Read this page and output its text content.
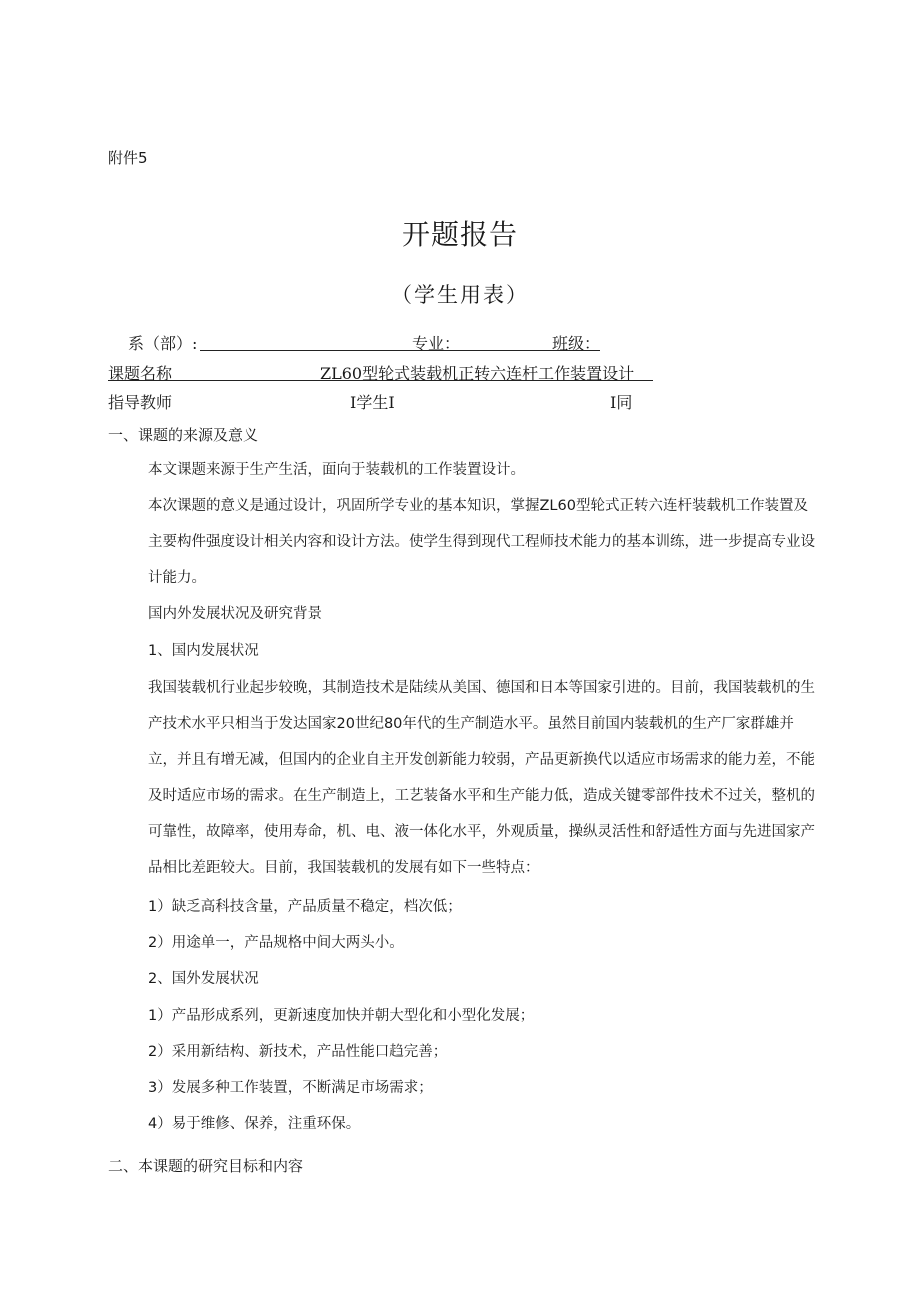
附件5
开题报告
（学生用表）
系（部）:	专业：	班级：
课题名称	ZL60型轮式装载机正转六连杆工作装置设计
指导教师	I学生I	I同
一、课题的来源及意义
本文课题来源于生产生活，面向于装载机的工作装置设计。
本次课题的意义是通过设计，巩固所学专业的基本知识，掌握ZL60型轮式正转六连杆装载机工作装置及主要构件强度设计相关内容和设计方法。使学生得到现代工程师技术能力的基本训练，进一步提高专业设计能力。
国内外发展状况及研究背景
1、国内发展状况
我国装载机行业起步较晚，其制造技术是陆续从美国、德国和日本等国家引进的。目前，我国装载机的生产技术水平只相当于发达国家20世纪80年代的生产制造水平。虽然目前国内装载机的生产厂家群雄并立，并且有增无减，但国内的企业自主开发创新能力较弱，产品更新换代以适应市场需求的能力差，不能及时适应市场的需求。在生产制造上，工艺装备水平和生产能力低，造成关键零部件技术不过关，整机的可靠性，故障率，使用寿命，机、电、液一体化水平，外观质量，操纵灵活性和舒适性方面与先进国家产品相比差距较大。目前，我国装载机的发展有如下一些特点：
1）缺乏高科技含量，产品质量不稳定，档次低；
2）用途单一，产品规格中间大两头小。
2、国外发展状况
1）产品形成系列，更新速度加快并朝大型化和小型化发展；
2）采用新结构、新技术，产品性能口趋完善；
3）发展多种工作装置，不断满足市场需求；
4）易于维修、保养，注重环保。
二、本课题的研究目标和内容
